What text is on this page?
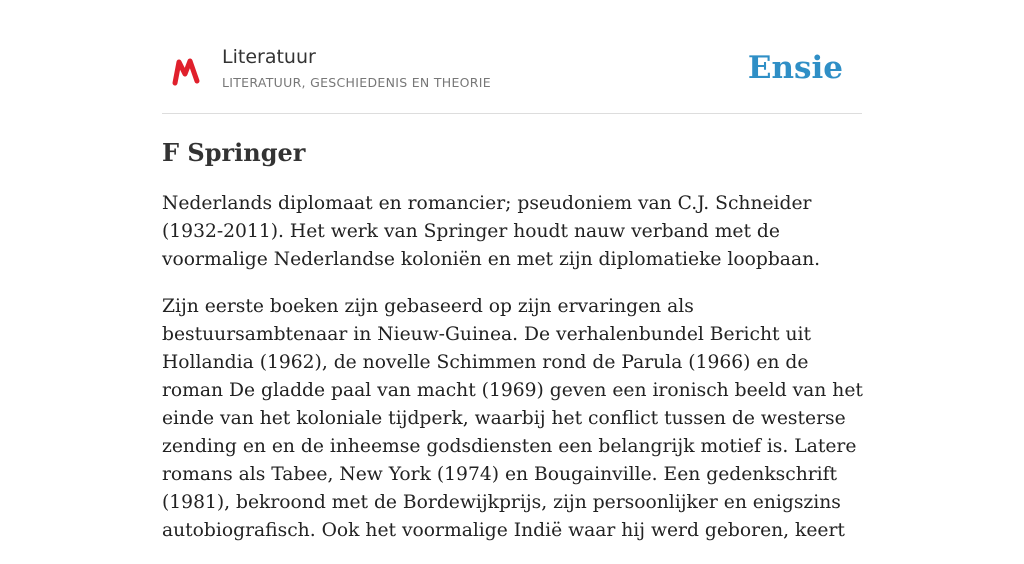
Literatuur
LITERATUUR, GESCHIEDENIS EN THEORIE	Ensie
F Springer

Nederlands diplomaat en romancier; pseudoniem van C.J. Schneider (1932-2011). Het werk van Springer houdt nauw verband met de voormalige Nederlandse koloniën en met zijn diplomatieke loopbaan.

Zijn eerste boeken zijn gebaseerd op zijn ervaringen als bestuursambtenaar in Nieuw-Guinea. De verhalenbundel Bericht uit Hollandia (1962), de novelle Schimmen rond de Parula (1966) en de roman De gladde paal van macht (1969) geven een ironisch beeld van het einde van het koloniale tijdperk, waarbij het conflict tussen de westerse zending en en de inheemse godsdiensten een belangrijk motief is. Latere romans als Tabee, New York (1974) en Bougainville. Een gedenkschrift (1981), bekroond met de Bordewijkprijs, zijn persoonlijker en enigszins autobiografisch. Ook het voormalige Indië waar hij werd geboren, keert
